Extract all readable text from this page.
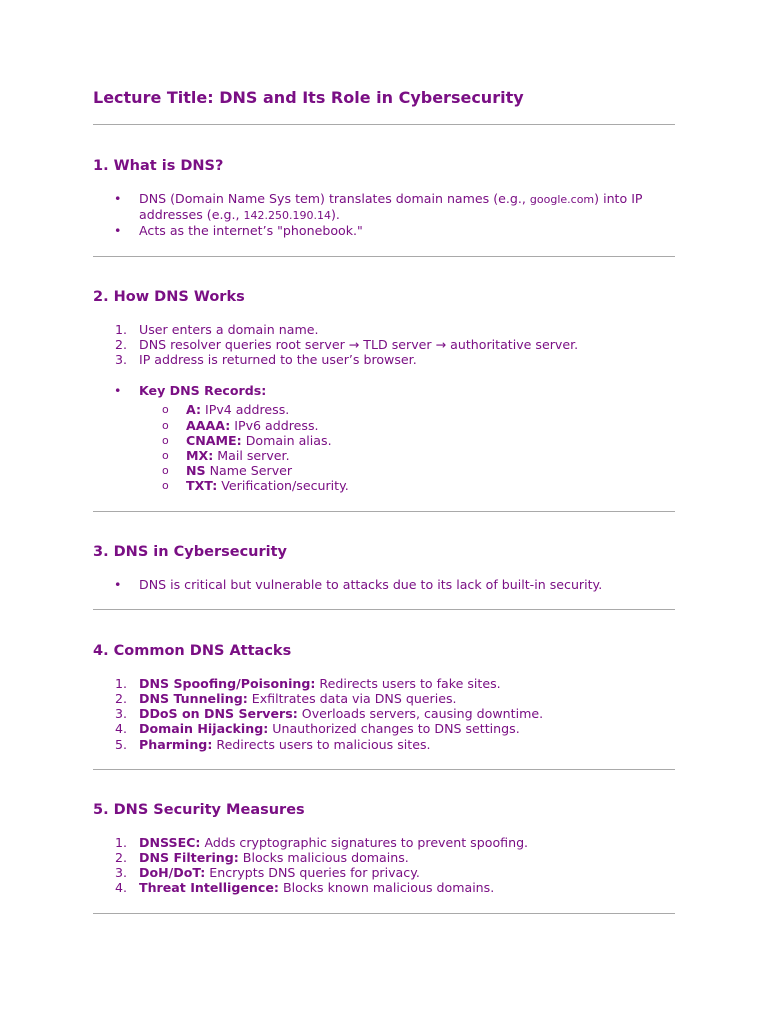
Lecture Title: DNS and Its Role in Cybersecurity
1. What is DNS?
• DNS (Domain Name Sys tem) translates domain names (e.g., google.com) into IP addresses (e.g., 142.250.190.14).
• Acts as the internet’s "phonebook."
2. How DNS Works
1. User enters a domain name.
2. DNS resolver queries root server → TLD server → authoritative server.
3. IP address is returned to the user’s browser.
• Key DNS Records:
o A: IPv4 address.
o AAAA: IPv6 address.
o CNAME: Domain alias.
o MX: Mail server.
o NS Name Server
o TXT: Verification/security.
3. DNS in Cybersecurity
• DNS is critical but vulnerable to attacks due to its lack of built-in security.
4. Common DNS Attacks
1. DNS Spoofing/Poisoning: Redirects users to fake sites.
2. DNS Tunneling: Exfiltrates data via DNS queries.
3. DDoS on DNS Servers: Overloads servers, causing downtime.
4. Domain Hijacking: Unauthorized changes to DNS settings.
5. Pharming: Redirects users to malicious sites.
5. DNS Security Measures
1. DNSSEC: Adds cryptographic signatures to prevent spoofing.
2. DNS Filtering: Blocks malicious domains.
3. DoH/DoT: Encrypts DNS queries for privacy.
4. Threat Intelligence: Blocks known malicious domains.
